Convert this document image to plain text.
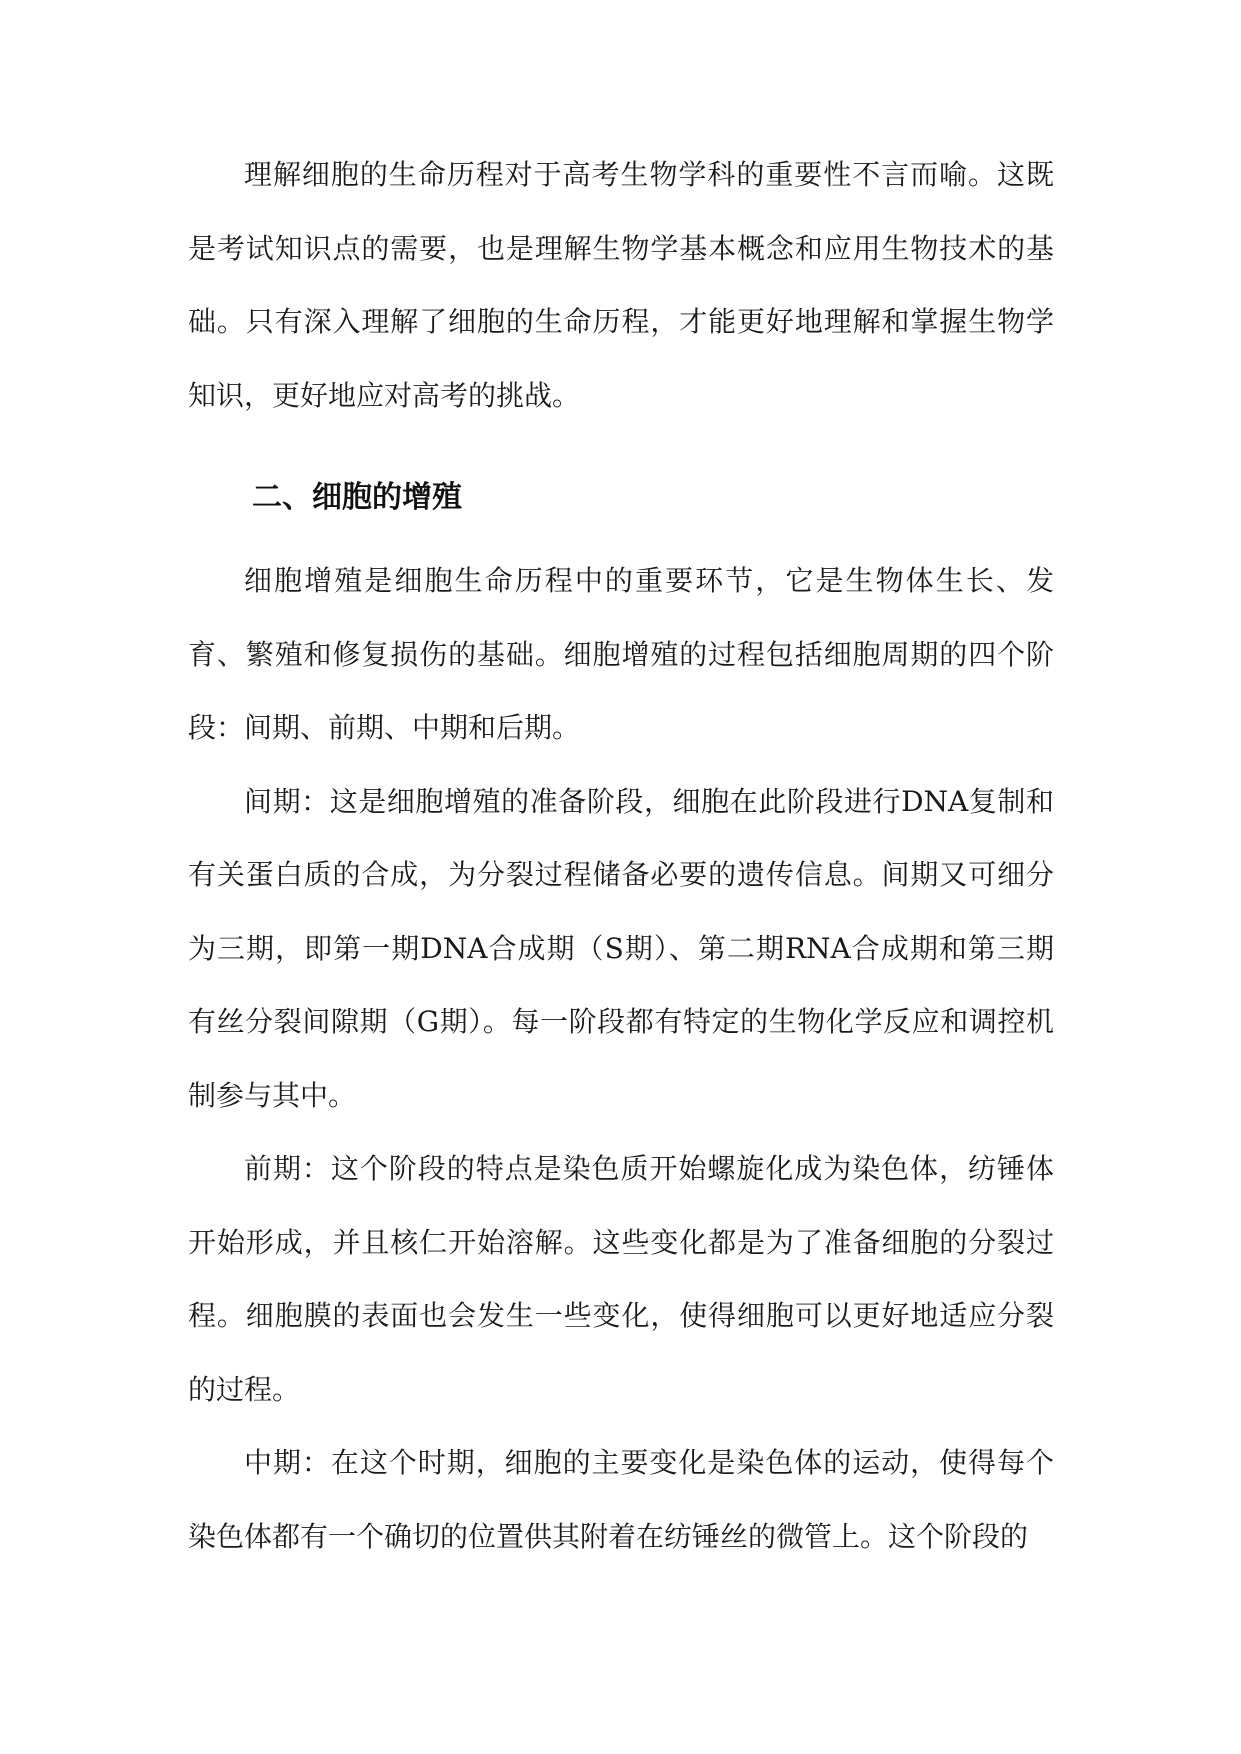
理解细胞的生命历程对于高考生物学科的重要性不言而喻。这既是考试知识点的需要，也是理解生物学基本概念和应用生物技术的基础。只有深入理解了细胞的生命历程，才能更好地理解和掌握生物学知识，更好地应对高考的挑战。

二、细胞的增殖

细胞增殖是细胞生命历程中的重要环节，它是生物体生长、发育、繁殖和修复损伤的基础。细胞增殖的过程包括细胞周期的四个阶段：间期、前期、中期和后期。

间期：这是细胞增殖的准备阶段，细胞在此阶段进行DNA复制和有关蛋白质的合成，为分裂过程储备必要的遗传信息。间期又可细分为三期，即第一期DNA合成期（S期）、第二期RNA合成期和第三期有丝分裂间隙期（G期）。每一阶段都有特定的生物化学反应和调控机制参与其中。

前期：这个阶段的特点是染色质开始螺旋化成为染色体，纺锤体开始形成，并且核仁开始溶解。这些变化都是为了准备细胞的分裂过程。细胞膜的表面也会发生一些变化，使得细胞可以更好地适应分裂的过程。

中期：在这个时期，细胞的主要变化是染色体的运动，使得每个染色体都有一个确切的位置供其附着在纺锤丝的微管上。这个阶段的
